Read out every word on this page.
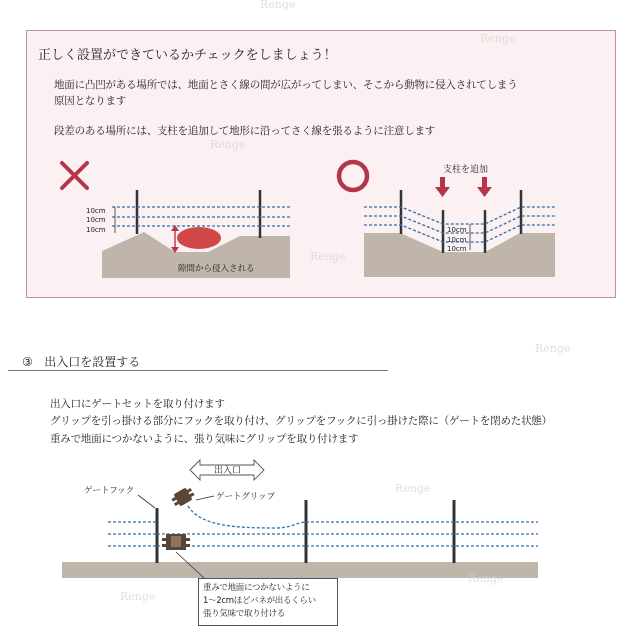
正しく設置ができているかチェックをしましょう！
地面に凸凹がある場所では、地面とさく線の間が広がってしまい、そこから動物に侵入されてしまう
原因となります
段差のある場所には、支柱を追加して地形に沿ってさく線を張るように注意します
10cm
10cm
10cm
隙間から侵入される
支柱を追加
10cm
10cm
10cm
出入口
ゲートフック
ゲートグリップ
Renge
Renge
Renge
Renge
Renge
Renge
Renge
Renge
③ 出入口を設置する
出入口にゲートセットを取り付けます
グリップを引っ掛ける部分にフックを取り付け、グリップをフックに引っ掛けた際に（ゲートを閉めた状態）
重みで地面につかないように、張り気味にグリップを取り付けます
重みで地面につかないように
1～2cmほどバネが出るくらい
張り気味で取り付ける
